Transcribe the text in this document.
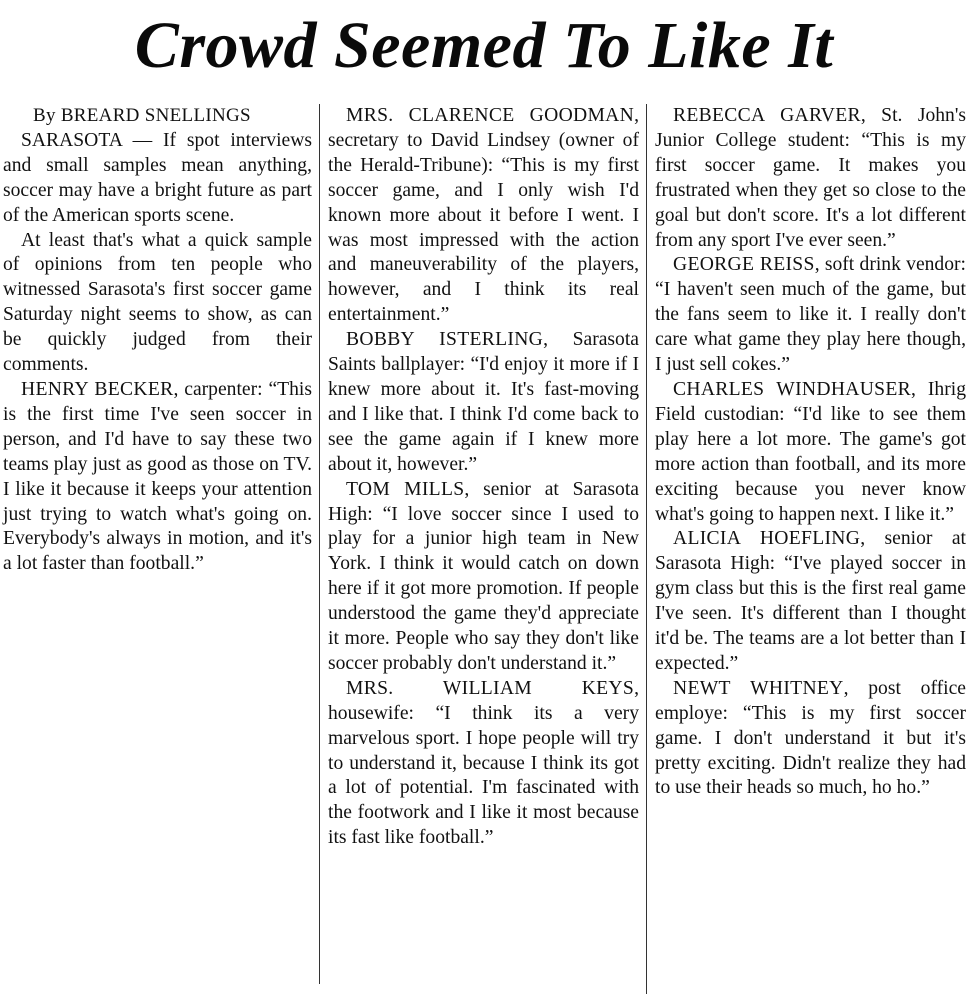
Crowd Seemed To Like It

By BREARD SNELLINGS

SARASOTA — If spot interviews and small samples mean anything, soccer may have a bright future as part of the American sports scene.

At least that's what a quick sample of opinions from ten people who witnessed Sarasota's first soccer game Saturday night seems to show, as can be quickly judged from their comments.

HENRY BECKER, carpenter: “This is the first time I've seen soccer in person, and I'd have to say these two teams play just as good as those on TV. I like it because it keeps your attention just trying to watch what's going on. Everybody's always in motion, and it's a lot faster than football.”

MRS. CLARENCE GOODMAN, secretary to David Lindsey (owner of the Herald-Tribune): “This is my first soccer game, and I only wish I'd known more about it before I went. I was most impressed with the action and maneuverability of the players, however, and I think its real entertainment.”

BOBBY ISTERLING, Sarasota Saints ballplayer: “I'd enjoy it more if I knew more about it. It's fast-moving and I like that. I think I'd come back to see the game again if I knew more about it, however.”

TOM MILLS, senior at Sarasota High: “I love soccer since I used to play for a junior high team in New York. I think it would catch on down here if it got more promotion. If people understood the game they'd appreciate it more. People who say they don't like soccer probably don't understand it.”

MRS. WILLIAM KEYS, housewife: “I think its a very marvelous sport. I hope people will try to understand it, because I think its got a lot of potential. I'm fascinated with the footwork and I like it most because its fast like football.”

REBECCA GARVER, St. John's Junior College student: “This is my first soccer game. It makes you frustrated when they get so close to the goal but don't score. It's a lot different from any sport I've ever seen.”

GEORGE REISS, soft drink vendor: “I haven't seen much of the game, but the fans seem to like it. I really don't care what game they play here though, I just sell cokes.”

CHARLES WINDHAUSER, Ihrig Field custodian: “I'd like to see them play here a lot more. The game's got more action than football, and its more exciting because you never know what's going to happen next. I like it.”

ALICIA HOEFLING, senior at Sarasota High: “I've played soccer in gym class but this is the first real game I've seen. It's different than I thought it'd be. The teams are a lot better than I expected.”

NEWT WHITNEY, post office employe: “This is my first soccer game. I don't understand it but it's pretty exciting. Didn't realize they had to use their heads so much, ho ho.”
